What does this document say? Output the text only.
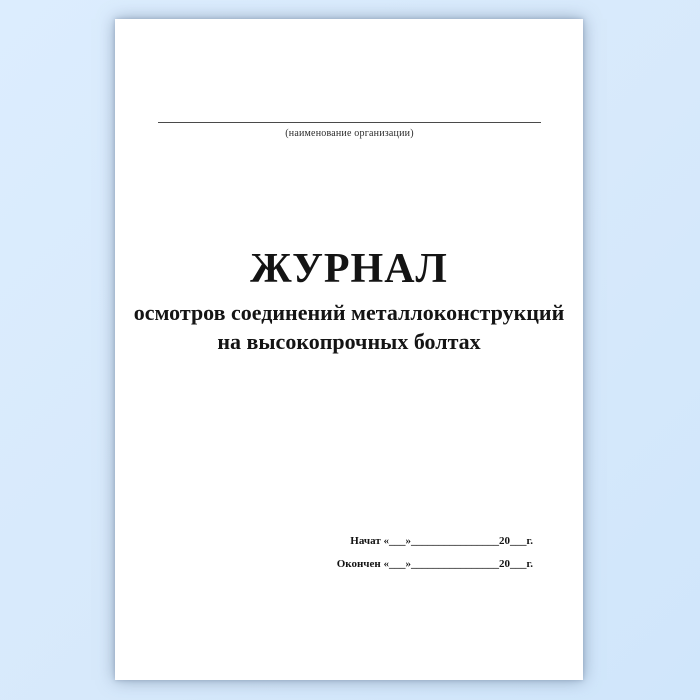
(наименование организации)
ЖУРНАЛ
осмотров соединений металлоконструкций
на высокопрочных болтах
Начат «___»________________20___г.
Окончен «___»________________20___г.
